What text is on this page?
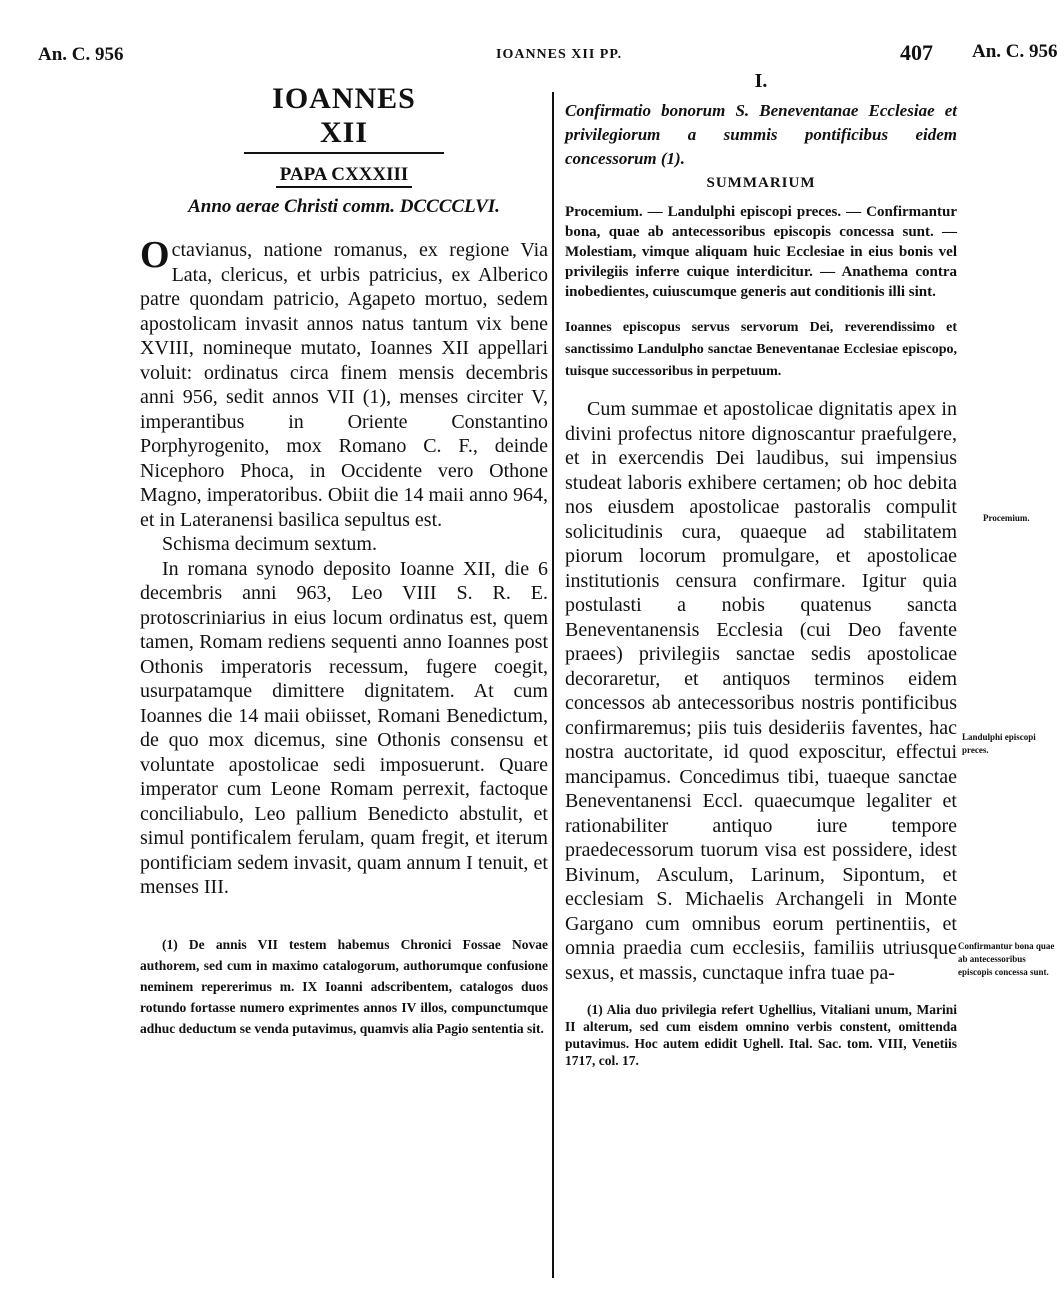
An. C. 956	IOANNES XII PP.	407 An. C. 956
IOANNES XII
PAPA CXXXIII
Anno aerae Christi comm. DCCCCLVI.

Octavianus, natione romanus, ex regione Via Lata, clericus, et urbis patricius, ex Alberico patre quondam patricio, Agapeto mortuo, sedem apostolicam invasit annos natus tantum vix bene XVIII, nomineque mutato, Ioannes XII appellari voluit: ordinatus circa finem mensis decembris anni 956, sedit annos VII (1), menses circiter V, imperantibus in Oriente Constantino Porphyrogenito, mox Romano C. F., deinde Nicephoro Phoca, in Occidente vero Othone Magno, imperatoribus. Obiit die 14 maii anno 964, et in Lateranensi basilica sepultus est.

Schisma decimum sextum.

In romana synodo deposito Ioanne XII, die 6 decembris anni 963, Leo VIII S. R. E. protoscriniarius in eius locum ordinatus est, quem tamen, Romam rediens sequenti anno Ioannes post Othonis imperatoris recessum, fugere coegit, usurpatamque dimittere dignitatem. At cum Ioannes die 14 maii obiisset, Romani Benedictum, de quo mox dicemus, sine Othonis consensu et voluntate apostolicae sedi imposuerunt. Quare imperator cum Leone Romam perrexit, factoque conciliabulo, Leo pallium Benedicto abstulit, et simul pontificalem ferulam, quam fregit, et iterum pontificiam sedem invasit, quam annum I tenuit, et menses III.

(1) De annis VII testem habemus Chronici Fossae Novae authorem, sed cum in maximo catalogorum, authorumque confusione neminem repererimus m. IX Ioanni adscribentem, catalogos duos rotundo fortasse numero exprimentes annos IV illos, compunctumque adhuc deductum se venda putavimus, quamvis alia Pagio sententia sit.

I.
Confirmatio bonorum S. Beneventanae Ecclesiae et privilegiorum a summis pontificibus eidem concessorum (1).
SUMMARIUM

Procemium. — Landulphi episcopi preces. — Confirmantur bona, quae ab antecessoribus episcopis concessa sunt. — Molestiam, vimque aliquam huic Ecclesiae in eius bonis vel privilegiis inferre cuique interdicitur. — Anathema contra inobedientes, cuiuscumque generis aut conditionis illi sint.

Ioannes episcopus servus servorum Dei, reverendissimo et sanctissimo Landulpho sanctae Beneventanae Ecclesiae episcopo, tuisque successoribus in perpetuum.

Cum summae et apostolicae dignitatis apex in divini profectus nitore dignoscantur praefulgere, et in exercendis Dei laudibus, sui impensius studeat laboris exhibere certamen; ob hoc debita nos eiusdem apostolicae pastoralis compulit solicitudinis cura, quaeque ad stabilitatem piorum locorum promulgare, et apostolicae institutionis censura confirmare. Igitur quia postulasti a nobis quatenus sancta Beneventanensis Ecclesia (cui Deo favente praees) privilegiis sanctae sedis apostolicae decoraretur, et antiquos terminos eidem concessos ab antecessoribus nostris pontificibus confirmaremus; piis tuis desideriis faventes, hac nostra auctoritate, id quod exposcitur, effectui mancipamus. Concedimus tibi, tuaeque sanctae Beneventanensi Eccl. quaecumque legaliter et rationabiliter antiquo iure tempore praedecessorum tuorum visa est possidere, idest Bivinum, Asculum, Larinum, Sipontum, et ecclesiam S. Michaelis Archangeli in Monte Gargano cum omnibus eorum pertinentiis, et omnia praedia cum ecclesiis, familiis utriusque sexus, et massis, cunctaque infra tuae pa-

(1) Alia duo privilegia refert Ughellius, Vitaliani unum, Marini II alterum, sed cum eisdem omnino verbis constent, omittenda putavimus. Hoc autem edidit Ughell. Ital. Sac. tom. VIII, Venetiis 1717, col. 17.

Procemium.
Landulphi episcopi preces.
Confirmantur bona quae ab antecessoribus episcopis concessa sunt.
